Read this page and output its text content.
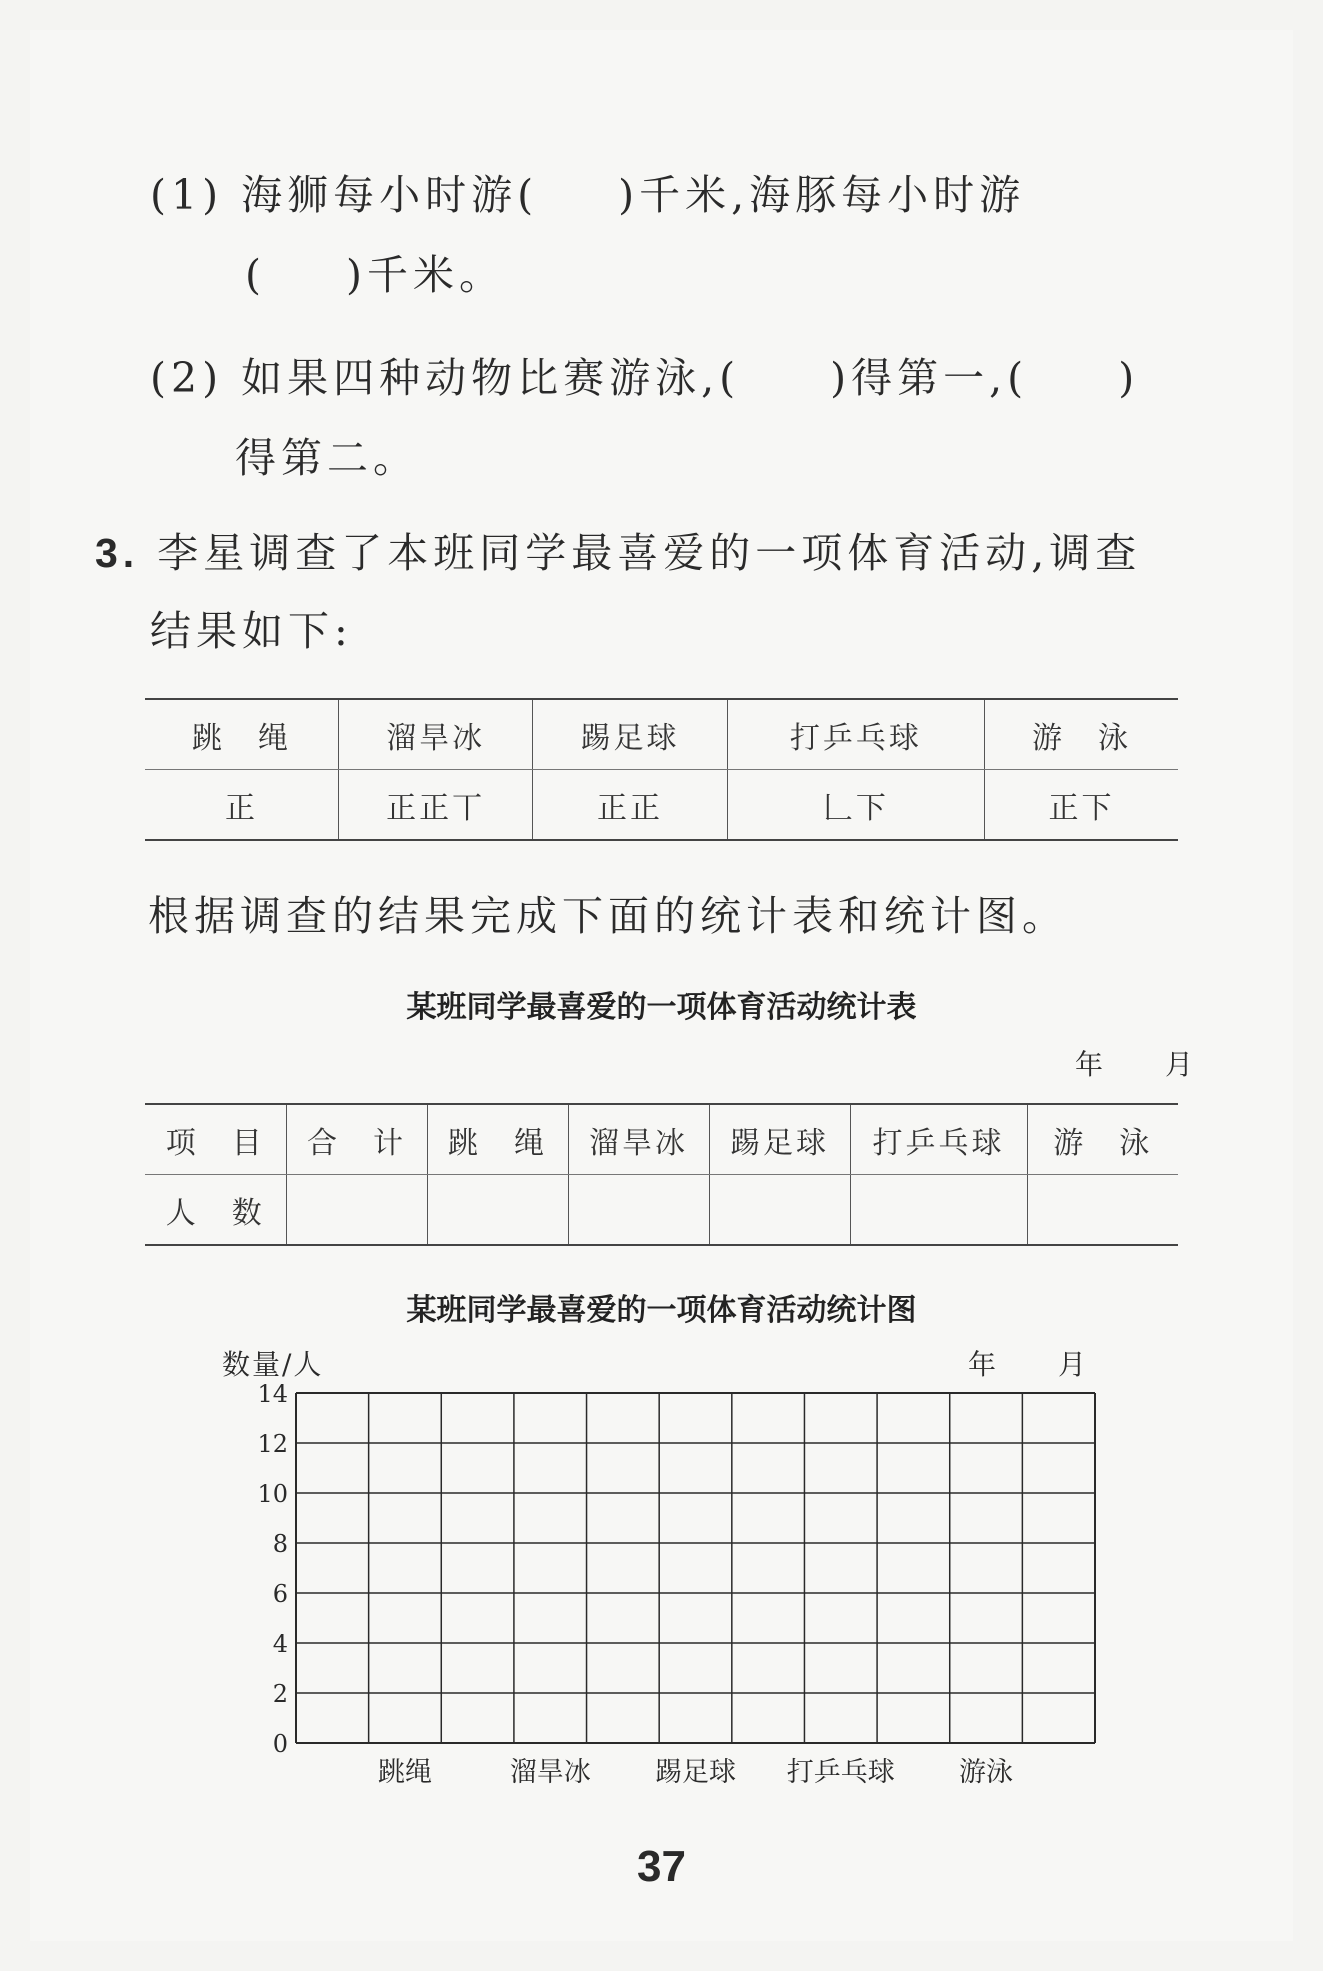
(1) 海狮每小时游( )千米,海豚每小时游
( )千米。
(2) 如果四种动物比赛游泳,( )得第一,( )
得第二。
3. 李星调查了本班同学最喜爱的一项体育活动,调查
结果如下:
跳　绳	溜旱冰	踢足球	打乒乓球	游　泳
正	正正丅	正正	𠃊下	正下
根据调查的结果完成下面的统计表和统计图。
某班同学最喜爱的一项体育活动统计表
年　　月
项　目	合　计	跳　绳	溜旱冰	踢足球	打乒乓球	游　泳
人　数						
某班同学最喜爱的一项体育活动统计图
数量/人	年　　月
14
12
10
8
6
4
2
0
跳绳	溜旱冰 踢足球 打乒乓球 游泳
37
